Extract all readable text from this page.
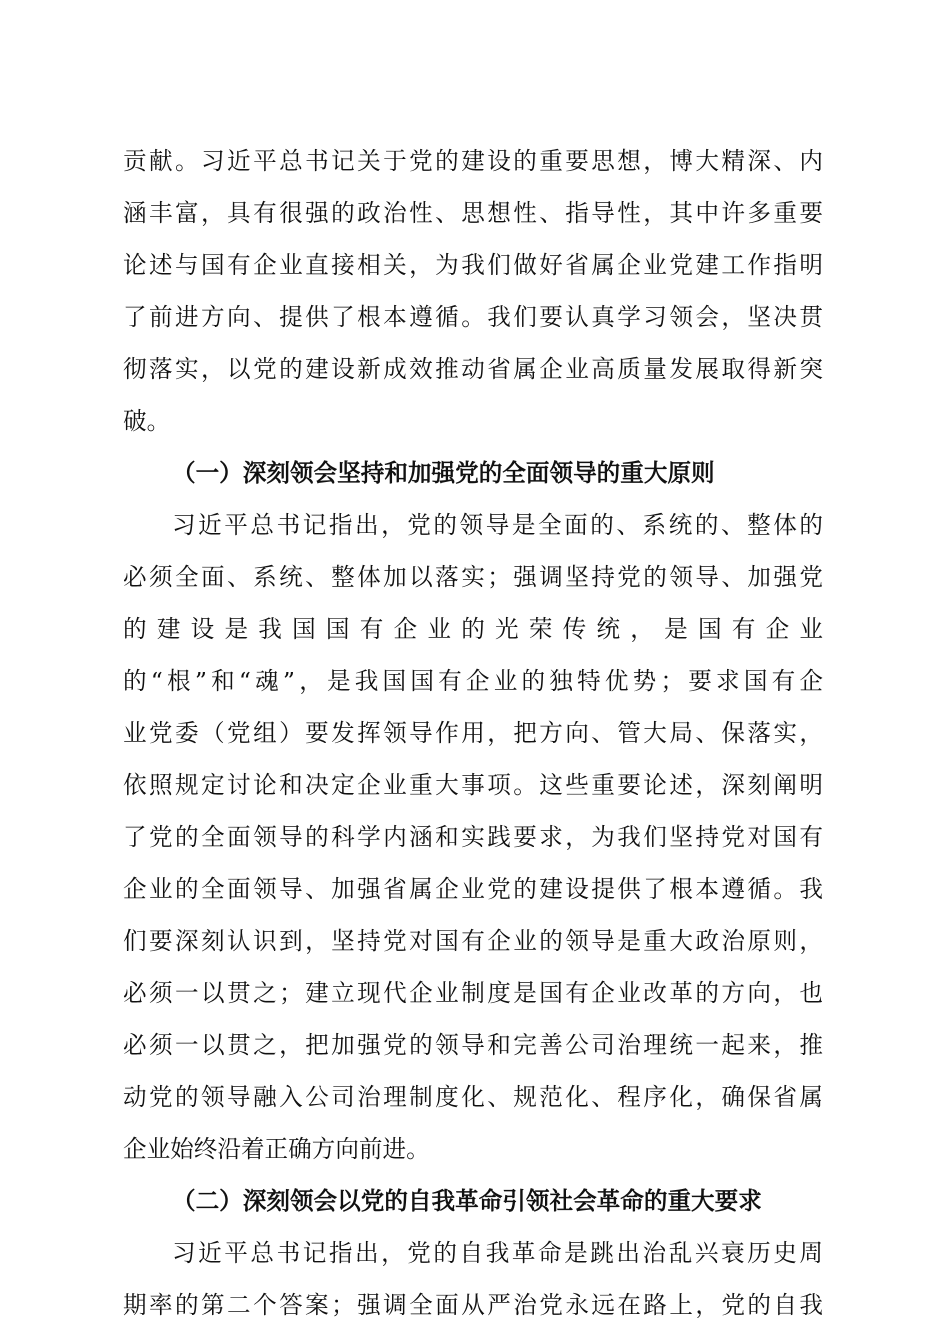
贡献。习近平总书记关于党的建设的重要思想，博大精深、内
涵丰富，具有很强的政治性、思想性、指导性，其中许多重要
论述与国有企业直接相关，为我们做好省属企业党建工作指明
了前进方向、提供了根本遵循。我们要认真学习领会，坚决贯
彻落实，以党的建设新成效推动省属企业高质量发展取得新突
破。
（一）深刻领会坚持和加强党的全面领导的重大原则
习近平总书记指出，党的领导是全面的、系统的、整体的
必须全面、系统、整体加以落实；强调坚持党的领导、加强党
的建设是我国国有企业的光荣传统，是国有企业
的“根”和“魂”，是我国国有企业的独特优势；要求国有企
业党委（党组）要发挥领导作用，把方向、管大局、保落实，
依照规定讨论和决定企业重大事项。这些重要论述，深刻阐明
了党的全面领导的科学内涵和实践要求，为我们坚持党对国有
企业的全面领导、加强省属企业党的建设提供了根本遵循。我
们要深刻认识到，坚持党对国有企业的领导是重大政治原则，
必须一以贯之；建立现代企业制度是国有企业改革的方向，也
必须一以贯之，把加强党的领导和完善公司治理统一起来，推
动党的领导融入公司治理制度化、规范化、程序化，确保省属
企业始终沿着正确方向前进。
（二）深刻领会以党的自我革命引领社会革命的重大要求
习近平总书记指出，党的自我革命是跳出治乱兴衰历史周
期率的第二个答案；强调全面从严治党永远在路上，党的自我
